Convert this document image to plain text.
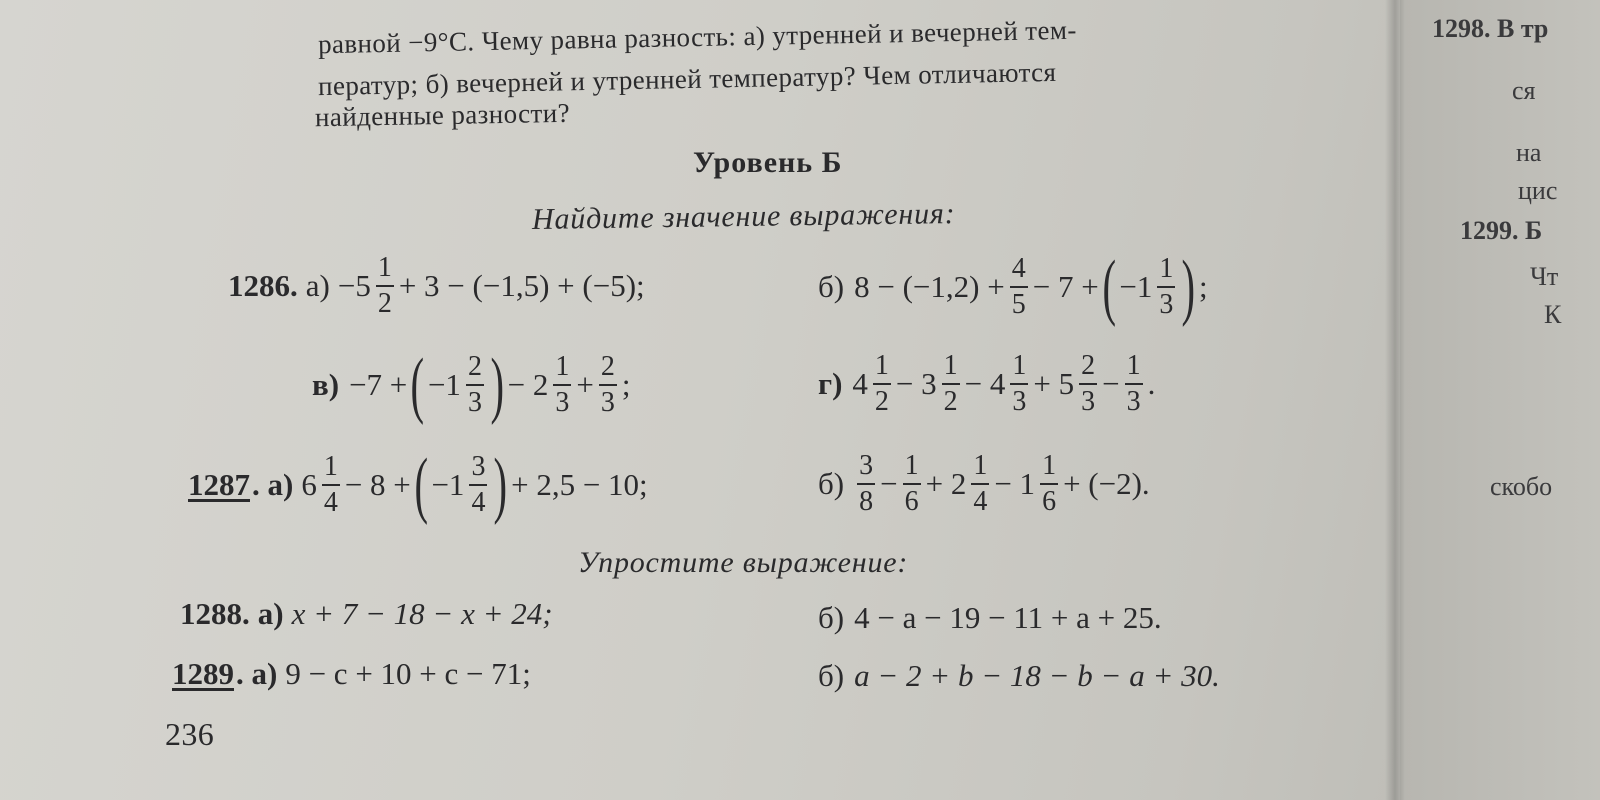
равной −9°С. Чему равна разность: а) утренней и вечерней тем-
ператур; б) вечерней и утренней температур? Чем отличаются
найденные разности?
Уровень Б
Найдите значение выражения:
1286. $а) -5 \frac{1}{2} + 3 - (-1,5) + (-5)$;	б) $8 - (-1,2) + \frac{4}{5} - 7$ + ( $-1 \frac{1}{3}$ ) ;
в) −7 + ( $-1 \frac{2}{3}$ ) − $2 \frac{1}{3} + \frac{2}{3}$ ;	г) $4 \frac{1}{2} - 3 \frac{1}{2} - 4 \frac{1}{3} + 5 \frac{2}{3} - \frac{1}{3}$ .
1287 . а) $6 \frac{1}{4} - 8$ + ( $-1 \frac{3}{4}$ ) + 2,5 − 10;	$б) \frac{3}{8} - \frac{1}{6} + 2 \frac{1}{4} - 1 \frac{1}{6} + (-2)$.
Упростите выражение:
1288. а) x + 7 − 18 − x + 24;	б) 4 − a − 19 − 11 + a + 25.
1289 . а) 9 − c + 10 + c − 71;	б) a − 2 + b − 18 − b − a + 30.
236
1298. В тр
ся
на
цис
1299. Б
Чт
К
скобо
